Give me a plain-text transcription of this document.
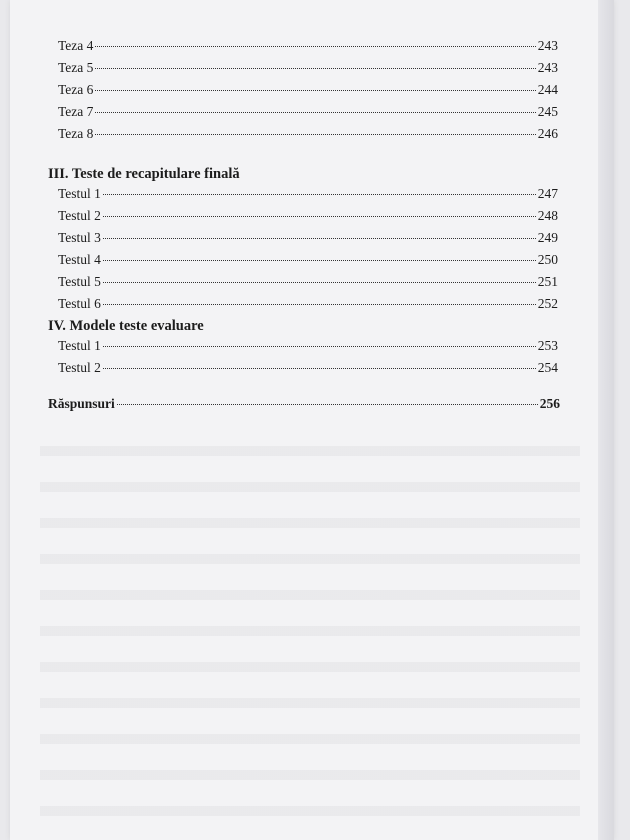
Teza 4	243
Teza 5	243
Teza 6	244
Teza 7	245
Teza 8	246
III. Teste de recapitulare finală
Testul 1	247
Testul 2	248
Testul 3	249
Testul 4	250
Testul 5	251
Testul 6	252
IV. Modele teste evaluare
Testul 1	253
Testul 2	254
Răspunsuri	256
